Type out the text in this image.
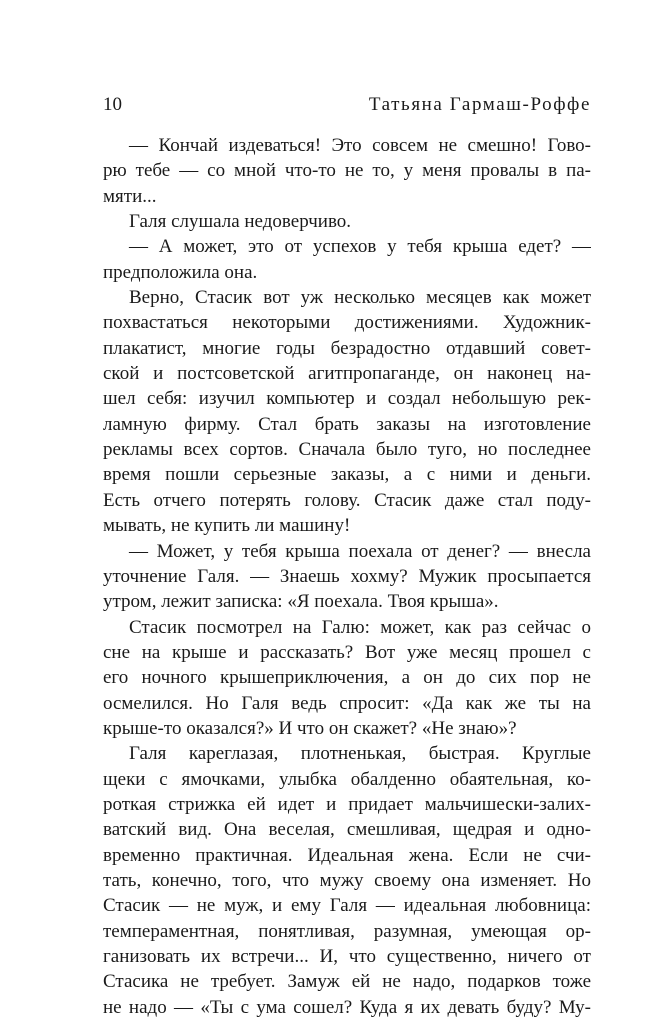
10	Татьяна Гармаш-Роффе
— Кончай издеваться! Это совсем не смешно! Гово-
рю тебе — со мной что-то не то, у меня провалы в па-
мяти...
Галя слушала недоверчиво.
— А может, это от успехов у тебя крыша едет? —
предположила она.
Верно, Стасик вот уж несколько месяцев как может
похвастаться некоторыми достижениями. Художник-
плакатист, многие годы безрадостно отдавший совет-
ской и постсоветской агитпропаганде, он наконец на-
шел себя: изучил компьютер и создал небольшую рек-
ламную фирму. Стал брать заказы на изготовление
рекламы всех сортов. Сначала было туго, но последнее
время пошли серьезные заказы, а с ними и деньги.
Есть отчего потерять голову. Стасик даже стал поду-
мывать, не купить ли машину!
— Может, у тебя крыша поехала от денег? — внесла
уточнение Галя. — Знаешь хохму? Мужик просыпается
утром, лежит записка: «Я поехала. Твоя крыша».
Стасик посмотрел на Галю: может, как раз сейчас о
сне на крыше и рассказать? Вот уже месяц прошел с
его ночного крышеприключения, а он до сих пор не
осмелился. Но Галя ведь спросит: «Да как же ты на
крыше-то оказался?» И что он скажет? «Не знаю»?
Галя кареглазая, плотненькая, быстрая. Круглые
щеки с ямочками, улыбка обалденно обаятельная, ко-
роткая стрижка ей идет и придает мальчишески-залих-
ватский вид. Она веселая, смешливая, щедрая и одно-
временно практичная. Идеальная жена. Если не счи-
тать, конечно, того, что мужу своему она изменяет. Но
Стасик — не муж, и ему Галя — идеальная любовница:
темпераментная, понятливая, разумная, умеющая ор-
ганизовать их встречи... И, что существенно, ничего от
Стасика не требует. Замуж ей не надо, подарков тоже
не надо — «Ты с ума сошел? Куда я их девать буду? Му-
